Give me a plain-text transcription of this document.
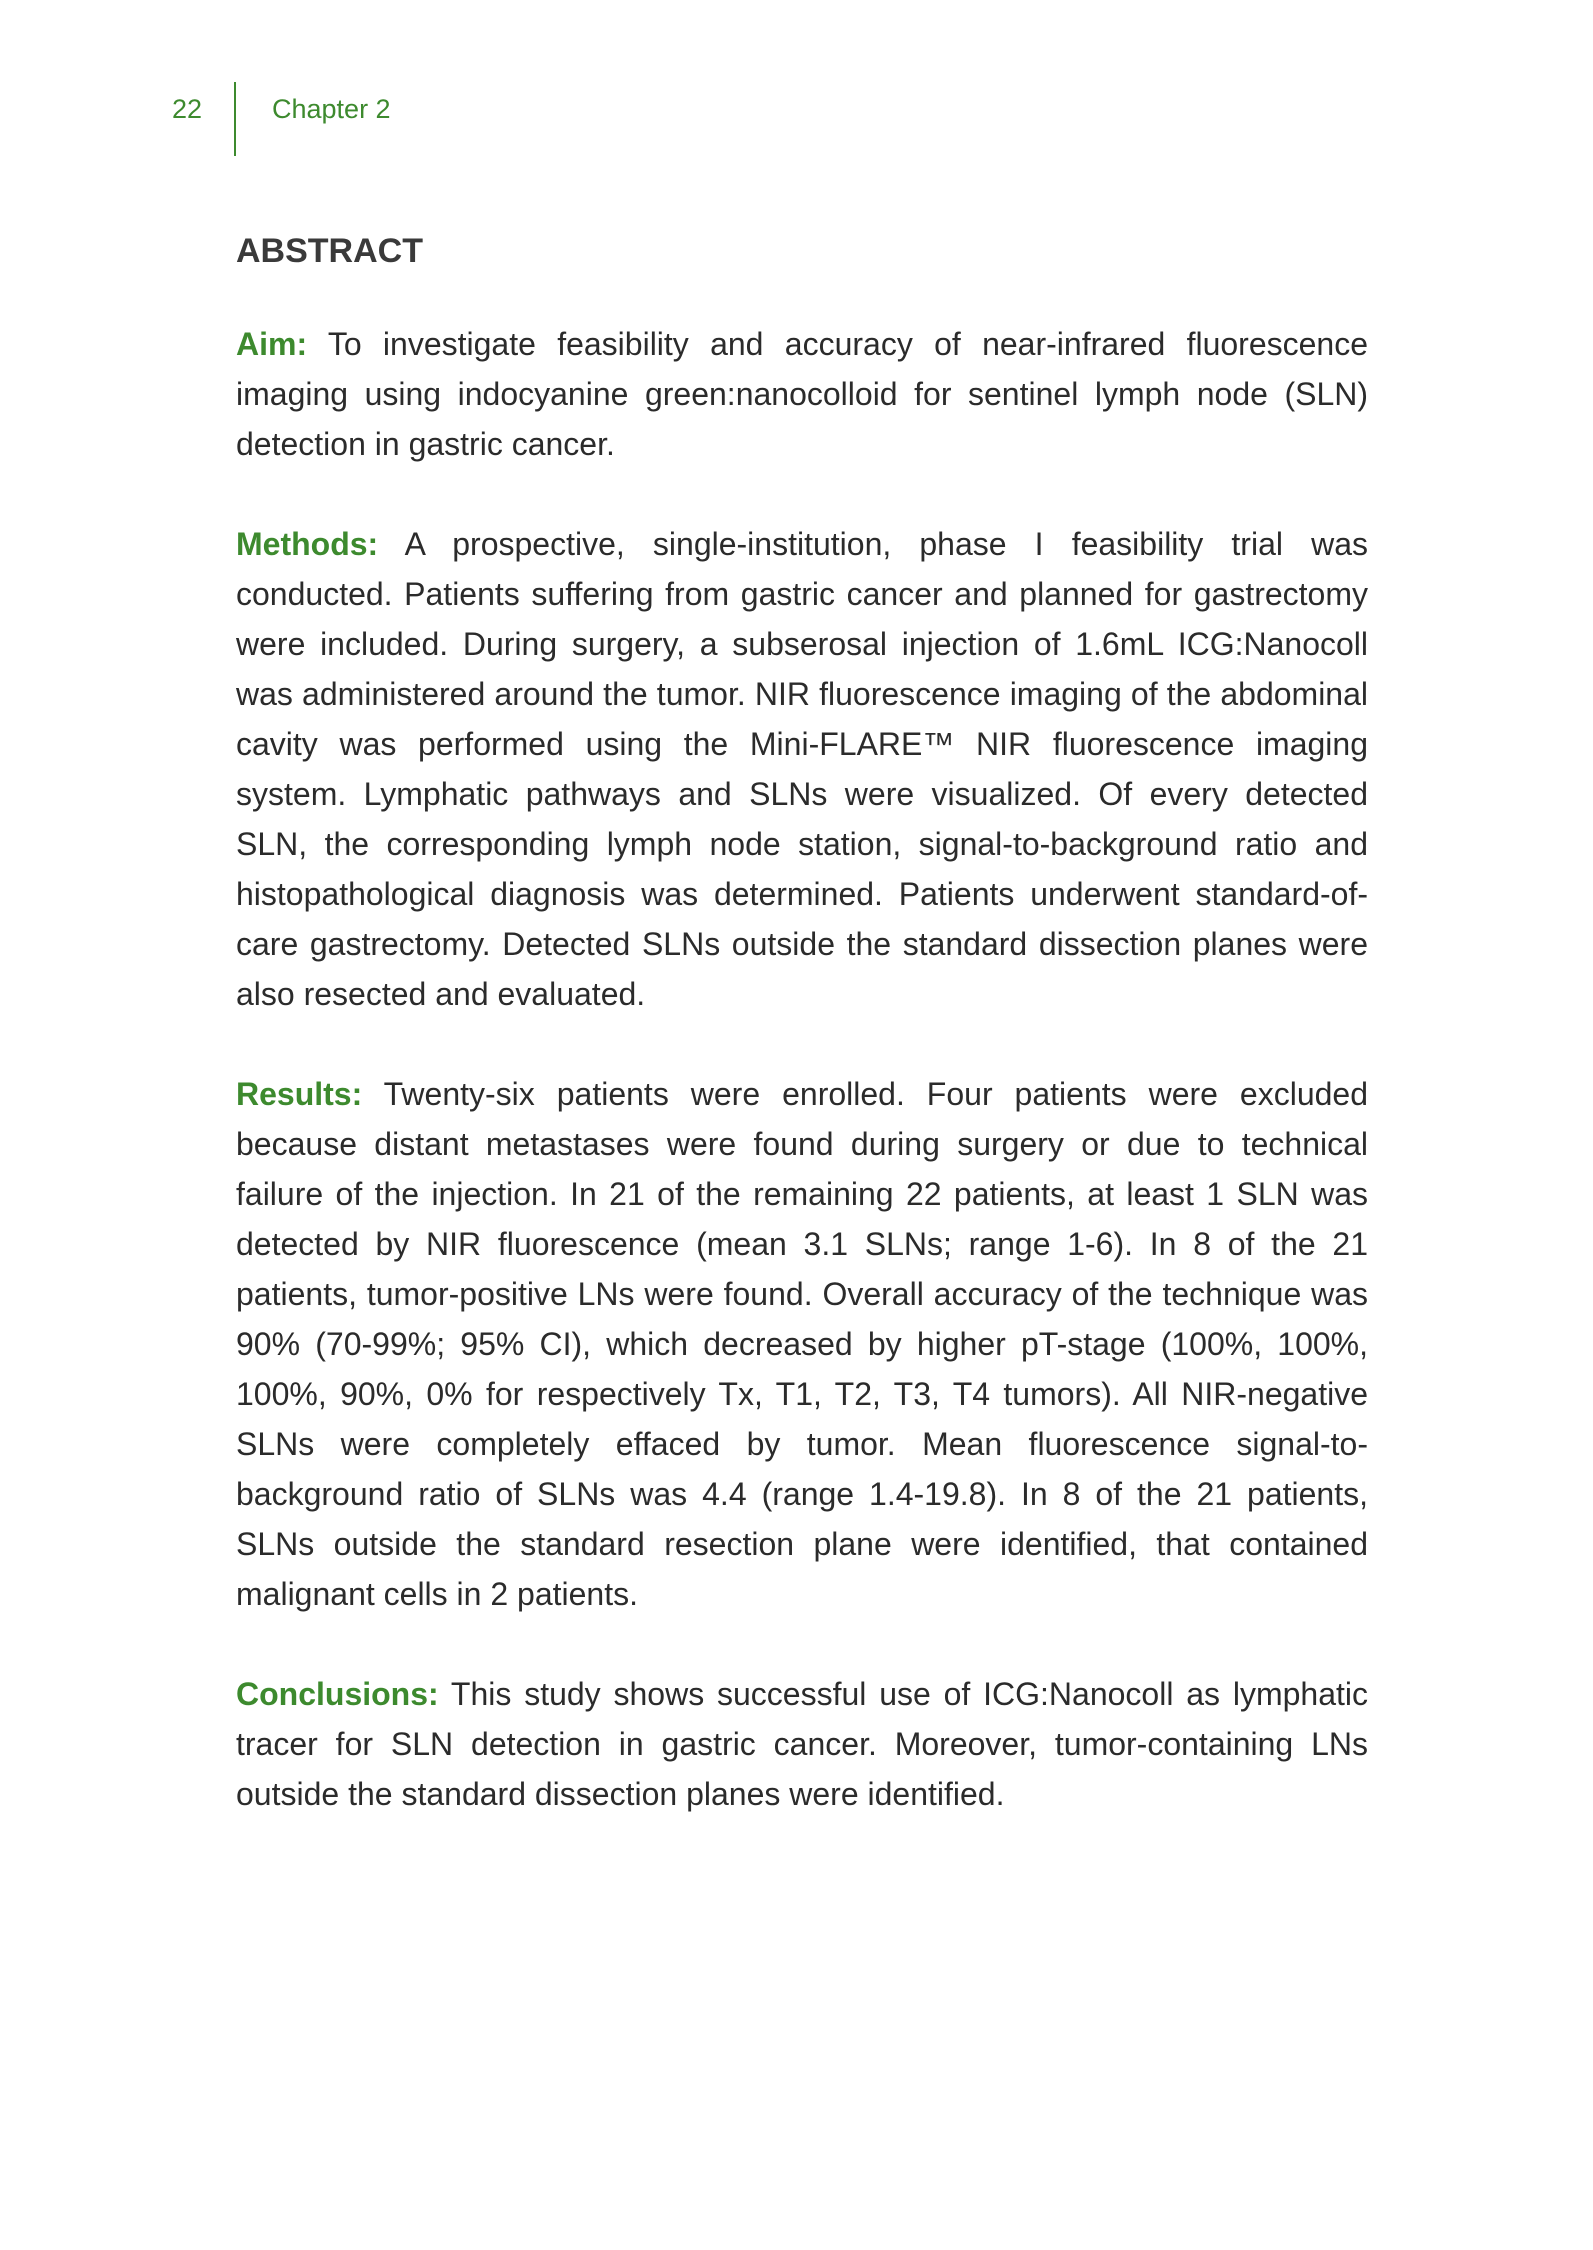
22	Chapter 2
ABSTRACT

Aim: To investigate feasibility and accuracy of near-infrared fluorescence imaging using indocyanine green:nanocolloid for sentinel lymph node (SLN) detection in gastric cancer.

Methods: A prospective, single-institution, phase I feasibility trial was conducted. Patients suffering from gastric cancer and planned for gastrectomy were included. During surgery, a subserosal injection of 1.6mL ICG:Nanocoll was administered around the tumor. NIR fluorescence imaging of the abdominal cavity was performed using the Mini-FLARE™ NIR fluorescence imaging system. Lymphatic pathways and SLNs were visualized. Of every detected SLN, the corresponding lymph node station, signal-to-background ratio and histopathological diagnosis was determined. Patients underwent standard-of-care gastrectomy. Detected SLNs outside the standard dissection planes were also resected and evaluated.

Results: Twenty-six patients were enrolled. Four patients were excluded because distant metastases were found during surgery or due to technical failure of the injection. In 21 of the remaining 22 patients, at least 1 SLN was detected by NIR fluorescence (mean 3.1 SLNs; range 1-6). In 8 of the 21 patients, tumor-positive LNs were found. Overall accuracy of the technique was 90% (70-99%; 95% CI), which decreased by higher pT-stage (100%, 100%, 100%, 90%, 0% for respectively Tx, T1, T2, T3, T4 tumors). All NIR-negative SLNs were completely effaced by tumor. Mean fluorescence signal-to-background ratio of SLNs was 4.4 (range 1.4-19.8). In 8 of the 21 patients, SLNs outside the standard resection plane were identified, that contained malignant cells in 2 patients.

Conclusions: This study shows successful use of ICG:Nanocoll as lymphatic tracer for SLN detection in gastric cancer. Moreover, tumor-containing LNs outside the standard dissection planes were identified.
